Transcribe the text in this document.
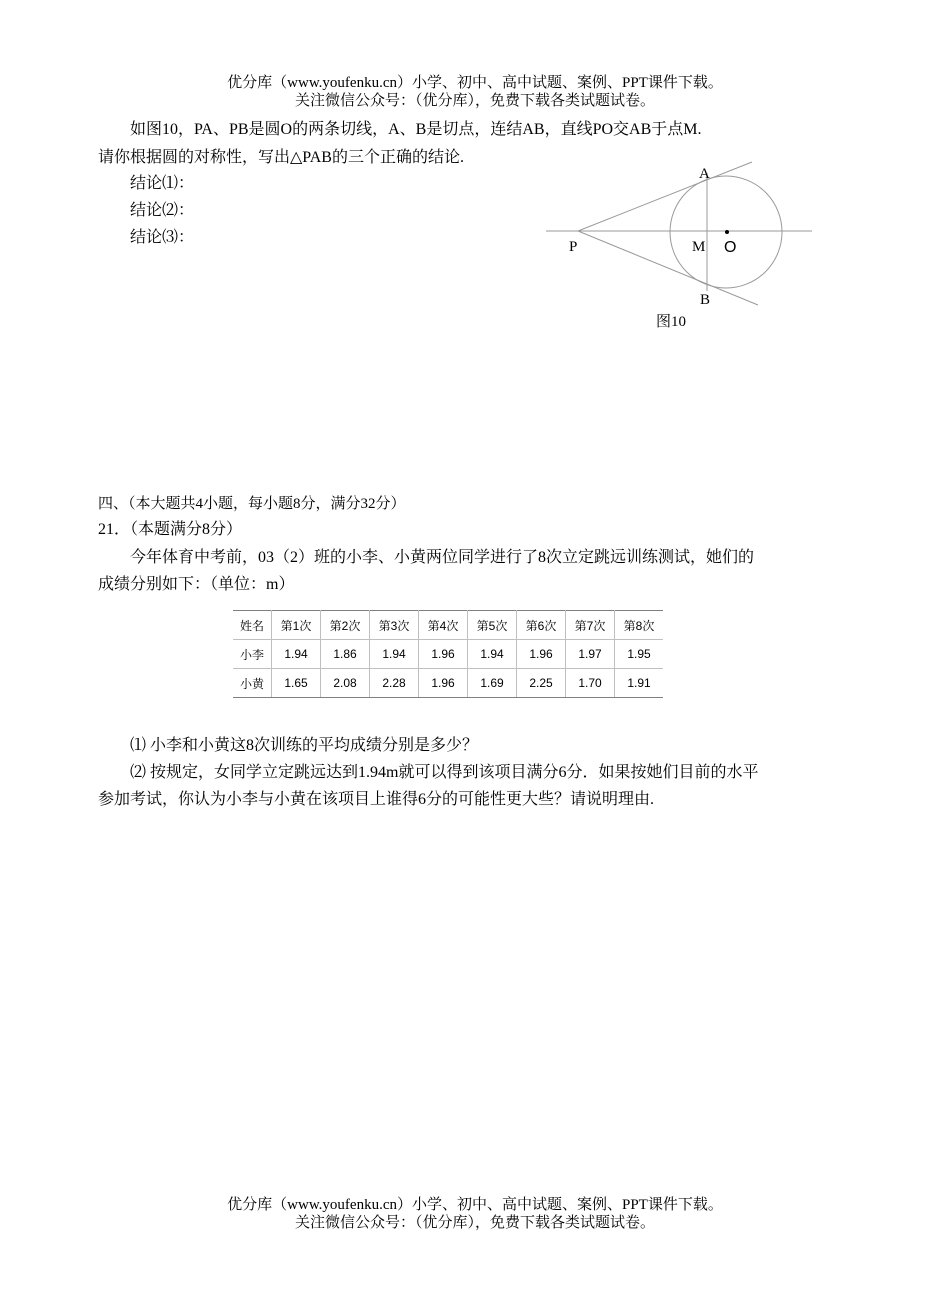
优分库（www.youfenku.cn）小学、初中、高中试题、案例、PPT课件下载。
关注微信公众号：（优分库），免费下载各类试题试卷。
如图10，PA、PB是圆O的两条切线，A、B是切点，连结AB，直线PO交AB于点M.
请你根据圆的对称性，写出△PAB的三个正确的结论.
结论⑴：
结论⑵：
结论⑶：
A
B
P	M O
图10
四、（本大题共4小题，每小题8分，满分32分）
21．（本题满分8分）
今年体育中考前，03（2）班的小李、小黄两位同学进行了8次立定跳远训练测试，她们的
成绩分别如下：（单位：m）
姓名	第1次	第2次	第3次	第4次	第5次	第6次	第7次	第8次
小李	1.94	1.86	1.94	1.96	1.94	1.96	1.97	1.95
小黄	1.65	2.08	2.28	1.96	1.69	2.25	1.70	1.91
⑴ 小李和小黄这8次训练的平均成绩分别是多少？
⑵ 按规定，女同学立定跳远达到1.94m就可以得到该项目满分6分．如果按她们目前的水平
参加考试，你认为小李与小黄在该项目上谁得6分的可能性更大些？请说明理由.
优分库（www.youfenku.cn）小学、初中、高中试题、案例、PPT课件下载。
关注微信公众号：（优分库），免费下载各类试题试卷。
